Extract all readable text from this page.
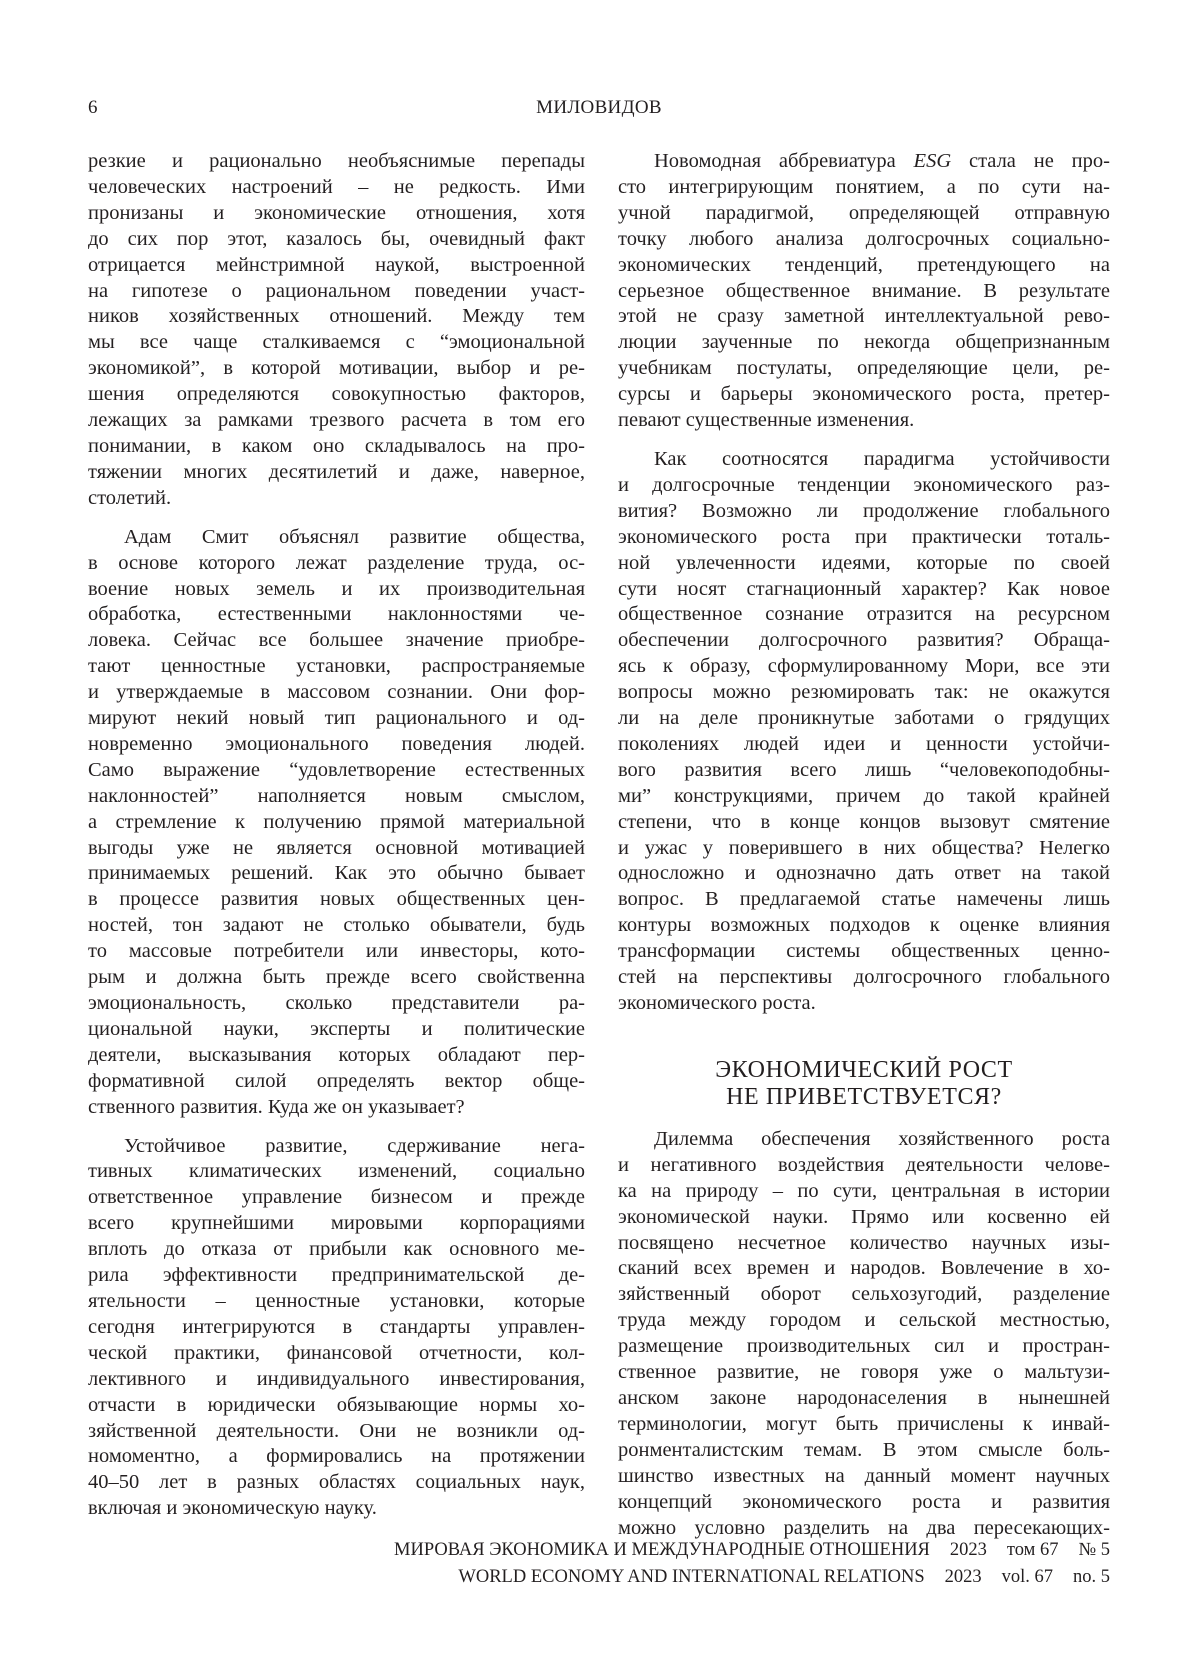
6	МИЛОВИДОВ
резкие и рационально необъяснимые перепады
человеческих настроений – не редкость. Ими
пронизаны и экономические отношения, хотя
до сих пор этот, казалось бы, очевидный факт
отрицается мейнстримной наукой, выстроенной
на гипотезе о рациональном поведении участ-
ников хозяйственных отношений. Между тем
мы все чаще сталкиваемся с “эмоциональной
экономикой”, в которой мотивации, выбор и ре-
шения определяются совокупностью факторов,
лежащих за рамками трезвого расчета в том его
понимании, в каком оно складывалось на про-
тяжении многих десятилетий и даже, наверное,
столетий.
Адам Смит объяснял развитие общества,
в основе которого лежат разделение труда, ос-
воение новых земель и их производительная
обработка, естественными наклонностями че-
ловека. Сейчас все большее значение приобре-
тают ценностные установки, распространяемые
и утверждаемые в массовом сознании. Они фор-
мируют некий новый тип рационального и од-
новременно эмоционального поведения людей.
Само выражение “удовлетворение естественных
наклонностей” наполняется новым смыслом,
а стремление к получению прямой материальной
выгоды уже не является основной мотивацией
принимаемых решений. Как это обычно бывает
в процессе развития новых общественных цен-
ностей, тон задают не столько обыватели, будь
то массовые потребители или инвесторы, кото-
рым и должна быть прежде всего свойственна
эмоциональность, сколько представители ра-
циональной науки, эксперты и политические
деятели, высказывания которых обладают пер-
формативной силой определять вектор обще-
ственного развития. Куда же он указывает?
Устойчивое развитие, сдерживание нега-
тивных климатических изменений, социально
ответственное управление бизнесом и прежде
всего крупнейшими мировыми корпорациями
вплоть до отказа от прибыли как основного ме-
рила эффективности предпринимательской де-
ятельности – ценностные установки, которые
сегодня интегрируются в стандарты управлен-
ческой практики, финансовой отчетности, кол-
лективного и индивидуального инвестирования,
отчасти в юридически обязывающие нормы хо-
зяйственной деятельности. Они не возникли од-
номоментно, а формировались на протяжении
40–50 лет в разных областях социальных наук,
включая и экономическую науку.
Новомодная аббревиатура ESG стала не про-
сто интегрирующим понятием, а по сути на-
учной парадигмой, определяющей отправную
точку любого анализа долгосрочных социально-
экономических тенденций, претендующего на
серьезное общественное внимание. В результате
этой не сразу заметной интеллектуальной рево-
люции заученные по некогда общепризнанным
учебникам постулаты, определяющие цели, ре-
сурсы и барьеры экономического роста, претер-
певают существенные изменения.
Как соотносятся парадигма устойчивости
и долгосрочные тенденции экономического раз-
вития? Возможно ли продолжение глобального
экономического роста при практически тоталь-
ной увлеченности идеями, которые по своей
сути носят стагнационный характер? Как новое
общественное сознание отразится на ресурсном
обеспечении долгосрочного развития? Обраща-
ясь к образу, сформулированному Мори, все эти
вопросы можно резюмировать так: не окажутся
ли на деле проникнутые заботами о грядущих
поколениях людей идеи и ценности устойчи-
вого развития всего лишь “человекоподобны-
ми” конструкциями, причем до такой крайней
степени, что в конце концов вызовут смятение
и ужас у поверившего в них общества? Нелегко
односложно и однозначно дать ответ на такой
вопрос. В предлагаемой статье намечены лишь
контуры возможных подходов к оценке влияния
трансформации системы общественных ценно-
стей на перспективы долгосрочного глобального
экономического роста.
ЭКОНОМИЧЕСКИЙ РОСТ
НЕ ПРИВЕТСТВУЕТСЯ?
Дилемма обеспечения хозяйственного роста
и негативного воздействия деятельности челове-
ка на природу – по сути, центральная в истории
экономической науки. Прямо или косвенно ей
посвящено несчетное количество научных изы-
сканий всех времен и народов. Вовлечение в хо-
зяйственный оборот сельхозугодий, разделение
труда между городом и сельской местностью,
размещение производительных сил и простран-
ственное развитие, не говоря уже о мальтузи-
анском законе народонаселения в нынешней
терминологии, могут быть причислены к инвай-
ронменталистским темам. В этом смысле боль-
шинство известных на данный момент научных
концепций экономического роста и развития
можно условно разделить на два пересекающих-
МИРОВАЯ ЭКОНОМИКА И МЕЖДУНАРОДНЫЕ ОТНОШЕНИЯ 2023 том 67 № 5
WORLD ECONOMY AND INTERNATIONAL RELATIONS 2023 vol. 67 no. 5
